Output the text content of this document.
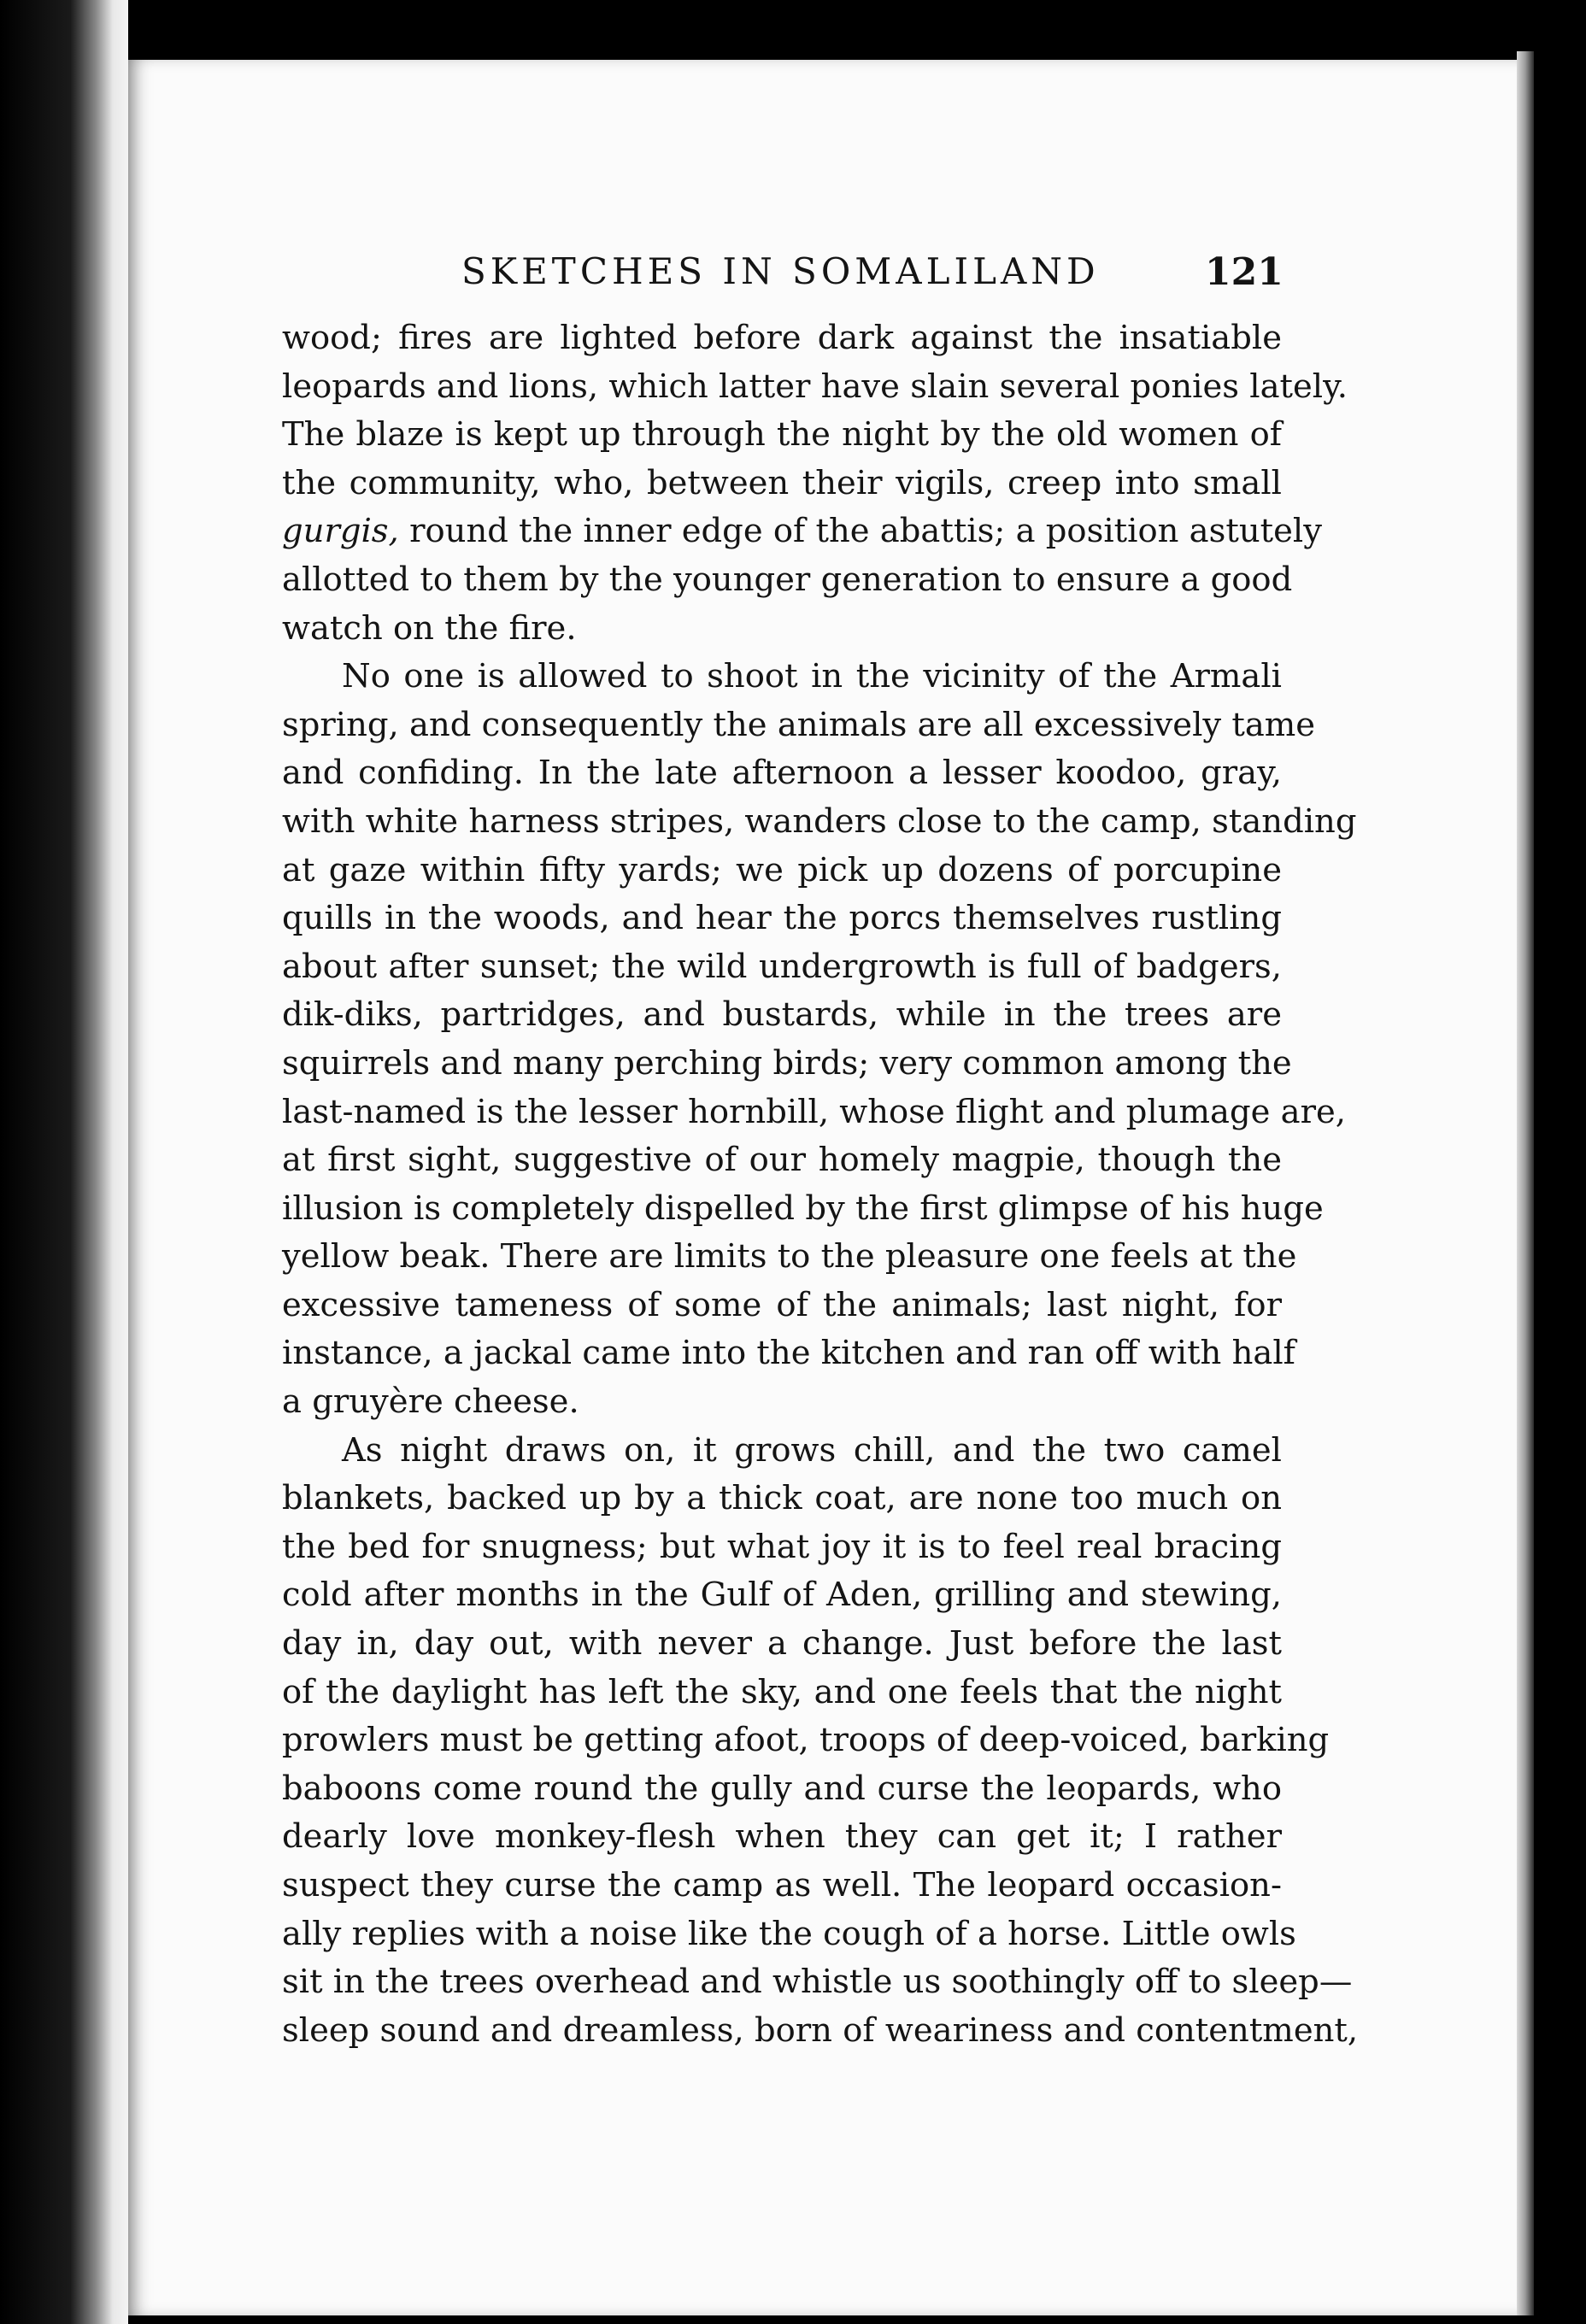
SKETCHES IN SOMALILAND	121
wood; fires are lighted before dark against the insatiable
leopards and lions, which latter have slain several ponies lately.
The blaze is kept up through the night by the old women of
the community, who, between their vigils, creep into small
gurgis, round the inner edge of the abattis; a position astutely
allotted to them by the younger generation to ensure a good
watch on the fire.
No one is allowed to shoot in the vicinity of the Armali
spring, and consequently the animals are all excessively tame
and confiding. In the late afternoon a lesser koodoo, gray,
with white harness stripes, wanders close to the camp, standing
at gaze within fifty yards; we pick up dozens of porcupine
quills in the woods, and hear the porcs themselves rustling
about after sunset; the wild undergrowth is full of badgers,
dik-diks, partridges, and bustards, while in the trees are
squirrels and many perching birds; very common among the
last-named is the lesser hornbill, whose flight and plumage are,
at first sight, suggestive of our homely magpie, though the
illusion is completely dispelled by the first glimpse of his huge
yellow beak. There are limits to the pleasure one feels at the
excessive tameness of some of the animals; last night, for
instance, a jackal came into the kitchen and ran off with half
a gruyère cheese.
As night draws on, it grows chill, and the two camel
blankets, backed up by a thick coat, are none too much on
the bed for snugness; but what joy it is to feel real bracing
cold after months in the Gulf of Aden, grilling and stewing,
day in, day out, with never a change. Just before the last
of the daylight has left the sky, and one feels that the night
prowlers must be getting afoot, troops of deep-voiced, barking
baboons come round the gully and curse the leopards, who
dearly love monkey-flesh when they can get it; I rather
suspect they curse the camp as well. The leopard occasion-
ally replies with a noise like the cough of a horse. Little owls
sit in the trees overhead and whistle us soothingly off to sleep—
sleep sound and dreamless, born of weariness and contentment,
